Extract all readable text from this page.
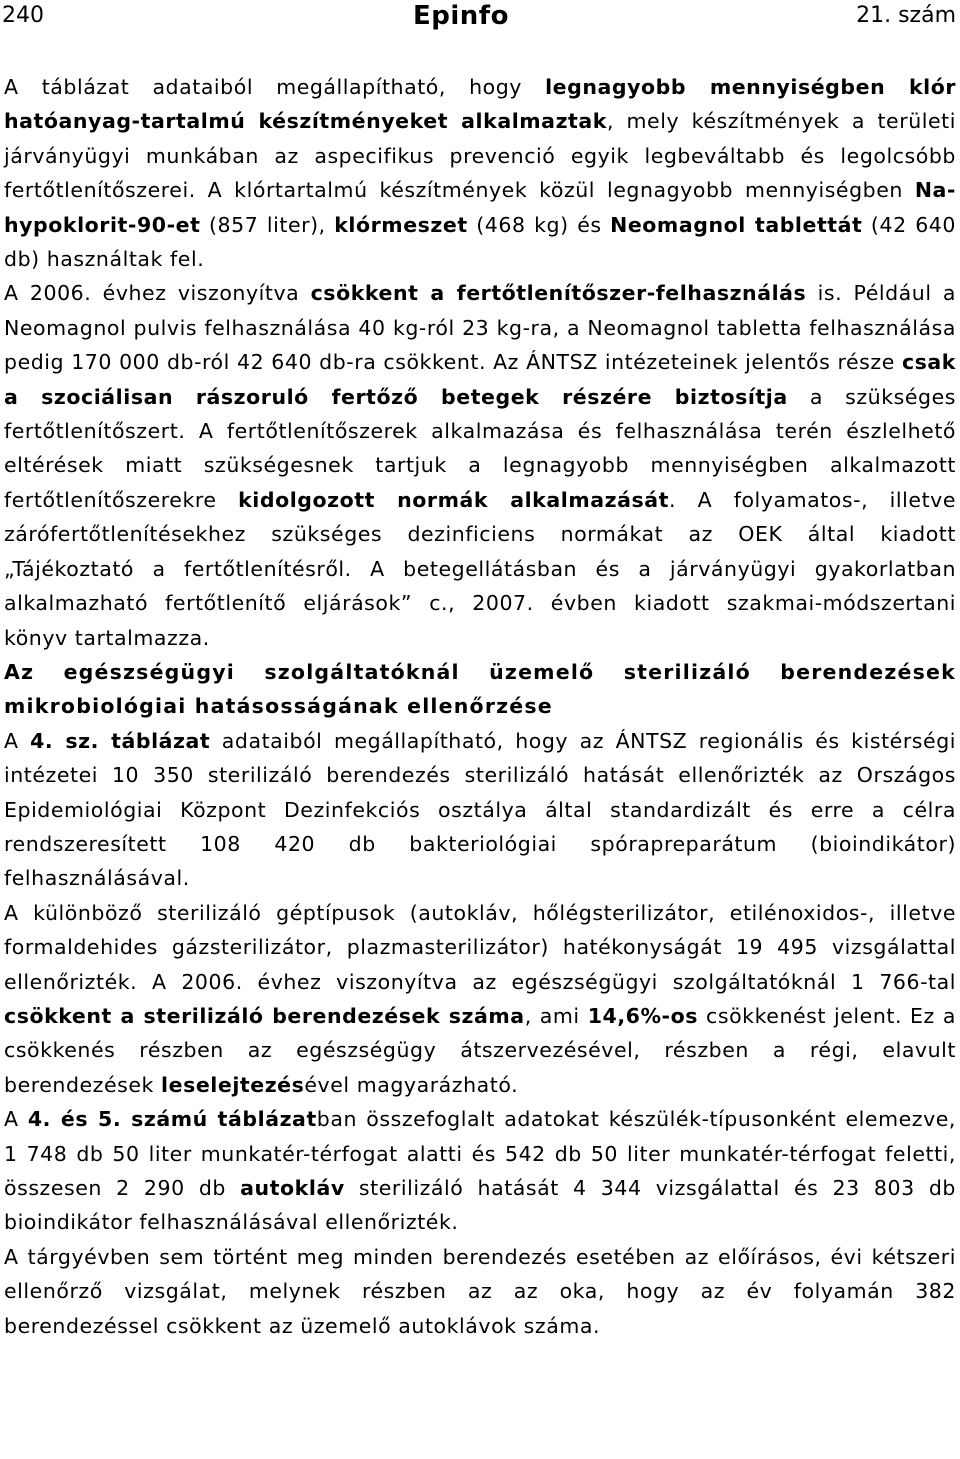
240	Epinfo	21. szám

A táblázat adataiból megállapítható, hogy legnagyobb mennyiségben klór hatóanyag-tartalmú készítményeket alkalmaztak, mely készítmények a területi járványügyi munkában az aspecifikus prevenció egyik legbeváltabb és legolcsóbb fertőtlenítőszerei. A klórtartalmú készítmények közül legnagyobb mennyiségben Na-hypoklorit-90-et (857 liter), klórmeszet (468 kg) és Neomagnol tablettát (42 640 db) használtak fel.

A 2006. évhez viszonyítva csökkent a fertőtlenítőszer-felhasználás is. Például a Neomagnol pulvis felhasználása 40 kg-ról 23 kg-ra, a Neomagnol tabletta felhasználása pedig 170 000 db-ról 42 640 db-ra csökkent. Az ÁNTSZ intézeteinek jelentős része csak a szociálisan rászoruló fertőző betegek részére biztosítja a szükséges fertőtlenítőszert. A fertőtlenítőszerek alkalmazása és felhasználása terén észlelhető eltérések miatt szükségesnek tartjuk a legnagyobb mennyiségben alkalmazott fertőtlenítőszerekre kidolgozott normák alkalmazását. A folyamatos-, illetve zárófertőtlenítésekhez szükséges dezinficiens normákat az OEK által kiadott „Tájékoztató a fertőtlenítésről. A betegellátásban és a járványügyi gyakorlatban alkalmazható fertőtlenítő eljárások” c., 2007. évben kiadott szakmai-módszertani könyv tartalmazza.

Az egészségügyi szolgáltatóknál üzemelő sterilizáló berendezések mikrobiológiai hatásosságának ellenőrzése

A 4. sz. táblázat adataiból megállapítható, hogy az ÁNTSZ regionális és kistérségi intézetei 10 350 sterilizáló berendezés sterilizáló hatását ellenőrizték az Országos Epidemiológiai Központ Dezinfekciós osztálya által standardizált és erre a célra rendszeresített 108 420 db bakteriológiai spórapreparátum (bioindikátor) felhasználásával.

A különböző sterilizáló géptípusok (autokláv, hőlégsterilizátor, etilénoxidos-, illetve formaldehides gázsterilizátor, plazmasterilizátor) hatékonyságát 19 495 vizsgálattal ellenőrizték. A 2006. évhez viszonyítva az egészségügyi szolgáltatóknál 1 766-tal csökkent a sterilizáló berendezések száma, ami 14,6%-os csökkenést jelent. Ez a csökkenés részben az egészségügy átszervezésével, részben a régi, elavult berendezések leselejtezésével magyarázható.

A 4. és 5. számú táblázatban összefoglalt adatokat készülék-típusonként elemezve, 1 748 db 50 liter munkatér-térfogat alatti és 542 db 50 liter munkatér-térfogat feletti, összesen 2 290 db autokláv sterilizáló hatását 4 344 vizsgálattal és 23 803 db bioindikátor felhasználásával ellenőrizték.

A tárgyévben sem történt meg minden berendezés esetében az előírásos, évi kétszeri ellenőrző vizsgálat, melynek részben az az oka, hogy az év folyamán 382 berendezéssel csökkent az üzemelő autoklávok száma.
